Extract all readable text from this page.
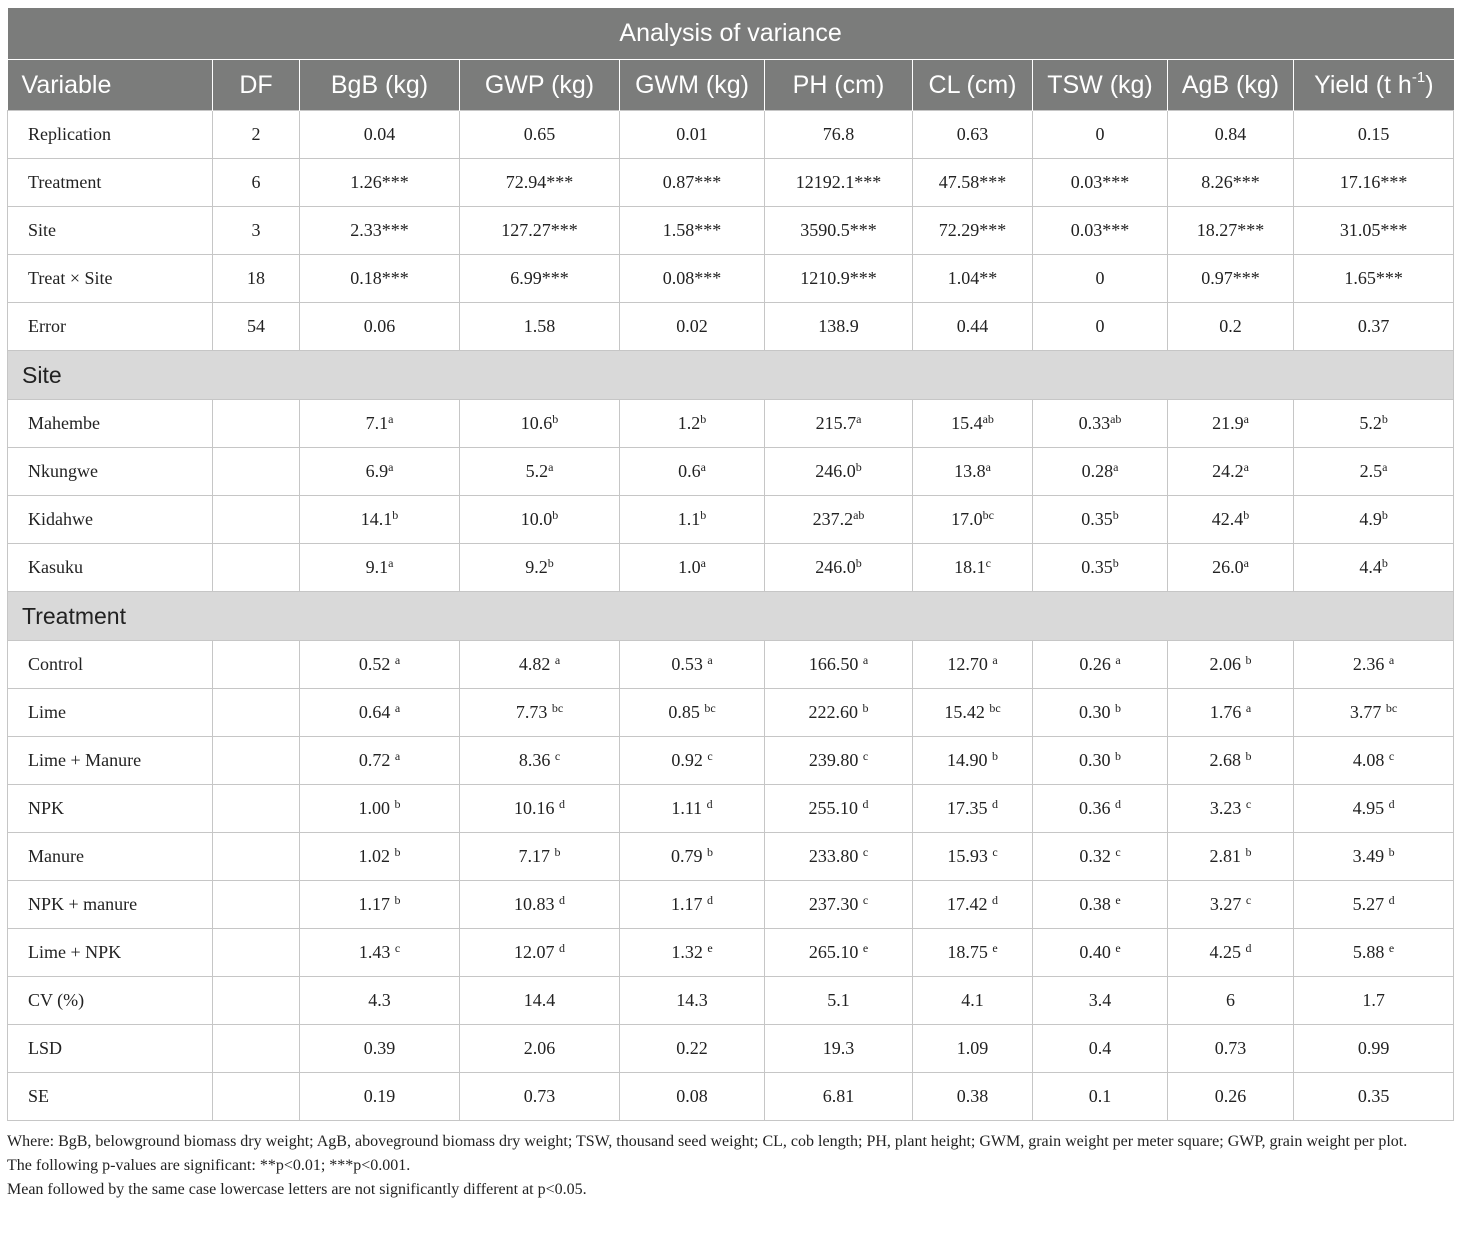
Analysis of variance									
Variable	DF	BgB (kg)	GWP (kg)	GWM (kg)	PH (cm)	CL (cm)	TSW (kg)	AgB (kg)	Yield (t $h^{-1}$)
Replication	2	0.04	0.65	0.01	76.8	0.63	0	0.84	0.15
Treatment	6	1.26***	72.94***	0.87***	12192.1***	47.58***	0.03***	8.26***	17.16***
Site	3	2.33***	127.27***	1.58***	3590.5***	72.29***	0.03***	18.27***	31.05***
Treat × Site	18	0.18***	6.99***	0.08***	1210.9***	1.04**	0	0.97***	1.65***
Error	54	0.06	1.58	0.02	138.9	0.44	0	0.2	0.37
Site									
Mahembe		7.1$^a$	10.6$^b$	1.2$^b$	215.7$^a$	15.4$^{ab}$	0.33$^{ab}$	21.9$^a$	5.2$^b$
Nkungwe		6.9$^a$	5.2$^a$	0.6$^a$	246.0$^b$	13.8$^a$	0.28$^a$	24.2$^a$	2.5$^a$
Kidahwe		14.1$^b$	10.0$^b$	1.1$^b$	237.2$^{ab}$	17.0$^{bc}$	0.35$^b$	42.4$^b$	4.9$^b$
Kasuku		9.1$^a$	9.2$^b$	1.0$^a$	246.0$^b$	18.1$^c$	0.35$^b$	26.0$^a$	4.4$^b$
Treatment									
Control		0.52 $^a$	4.82 $^a$	0.53 $^a$	166.50 $^a$	12.70 $^a$	0.26 $^a$	2.06 $^b$	2.36 $^a$
Lime		0.64 $^a$	7.73 $^{bc}$	0.85 $^{bc}$	222.60 $^b$	15.42 $^{bc}$	0.30 $^b$	1.76 $^a$	3.77 $^{bc}$
Lime + Manure		0.72 $^a$	8.36 $^c$	0.92 $^c$	239.80 $^c$	14.90 $^b$	0.30 $^b$	2.68 $^b$	4.08 $^c$
NPK		1.00 $^b$	10.16 $^d$	1.11 $^d$	255.10 $^d$	17.35 $^d$	0.36 $^d$	3.23 $^c$	4.95 $^d$
Manure		1.02 $^b$	7.17 $^b$	0.79 $^b$	233.80 $^c$	15.93 $^c$	0.32 $^c$	2.81 $^b$	3.49 $^b$
NPK + manure		1.17 $^b$	10.83 $^d$	1.17 $^d$	237.30 $^c$	17.42 $^d$	0.38 $^e$	3.27 $^c$	5.27 $^d$
Lime + NPK		1.43 $^c$	12.07 $^d$	1.32 $^e$	265.10 $^e$	18.75 $^e$	0.40 $^e$	4.25 $^d$	5.88 $^e$
CV (%)		4.3	14.4	14.3	5.1	4.1	3.4	6	1.7
LSD		0.39	2.06	0.22	19.3	1.09	0.4	0.73	0.99
SE		0.19	0.73	0.08	6.81	0.38	0.1	0.26	0.35
Where: BgB, belowground biomass dry weight; AgB, aboveground biomass dry weight; TSW, thousand seed weight; CL, cob length; PH, plant height; GWM, grain weight per meter square; GWP, grain weight per plot.
The following p-values are significant: **p<0.01; ***p<0.001.
Mean followed by the same case lowercase letters are not significantly different at p<0.05.
